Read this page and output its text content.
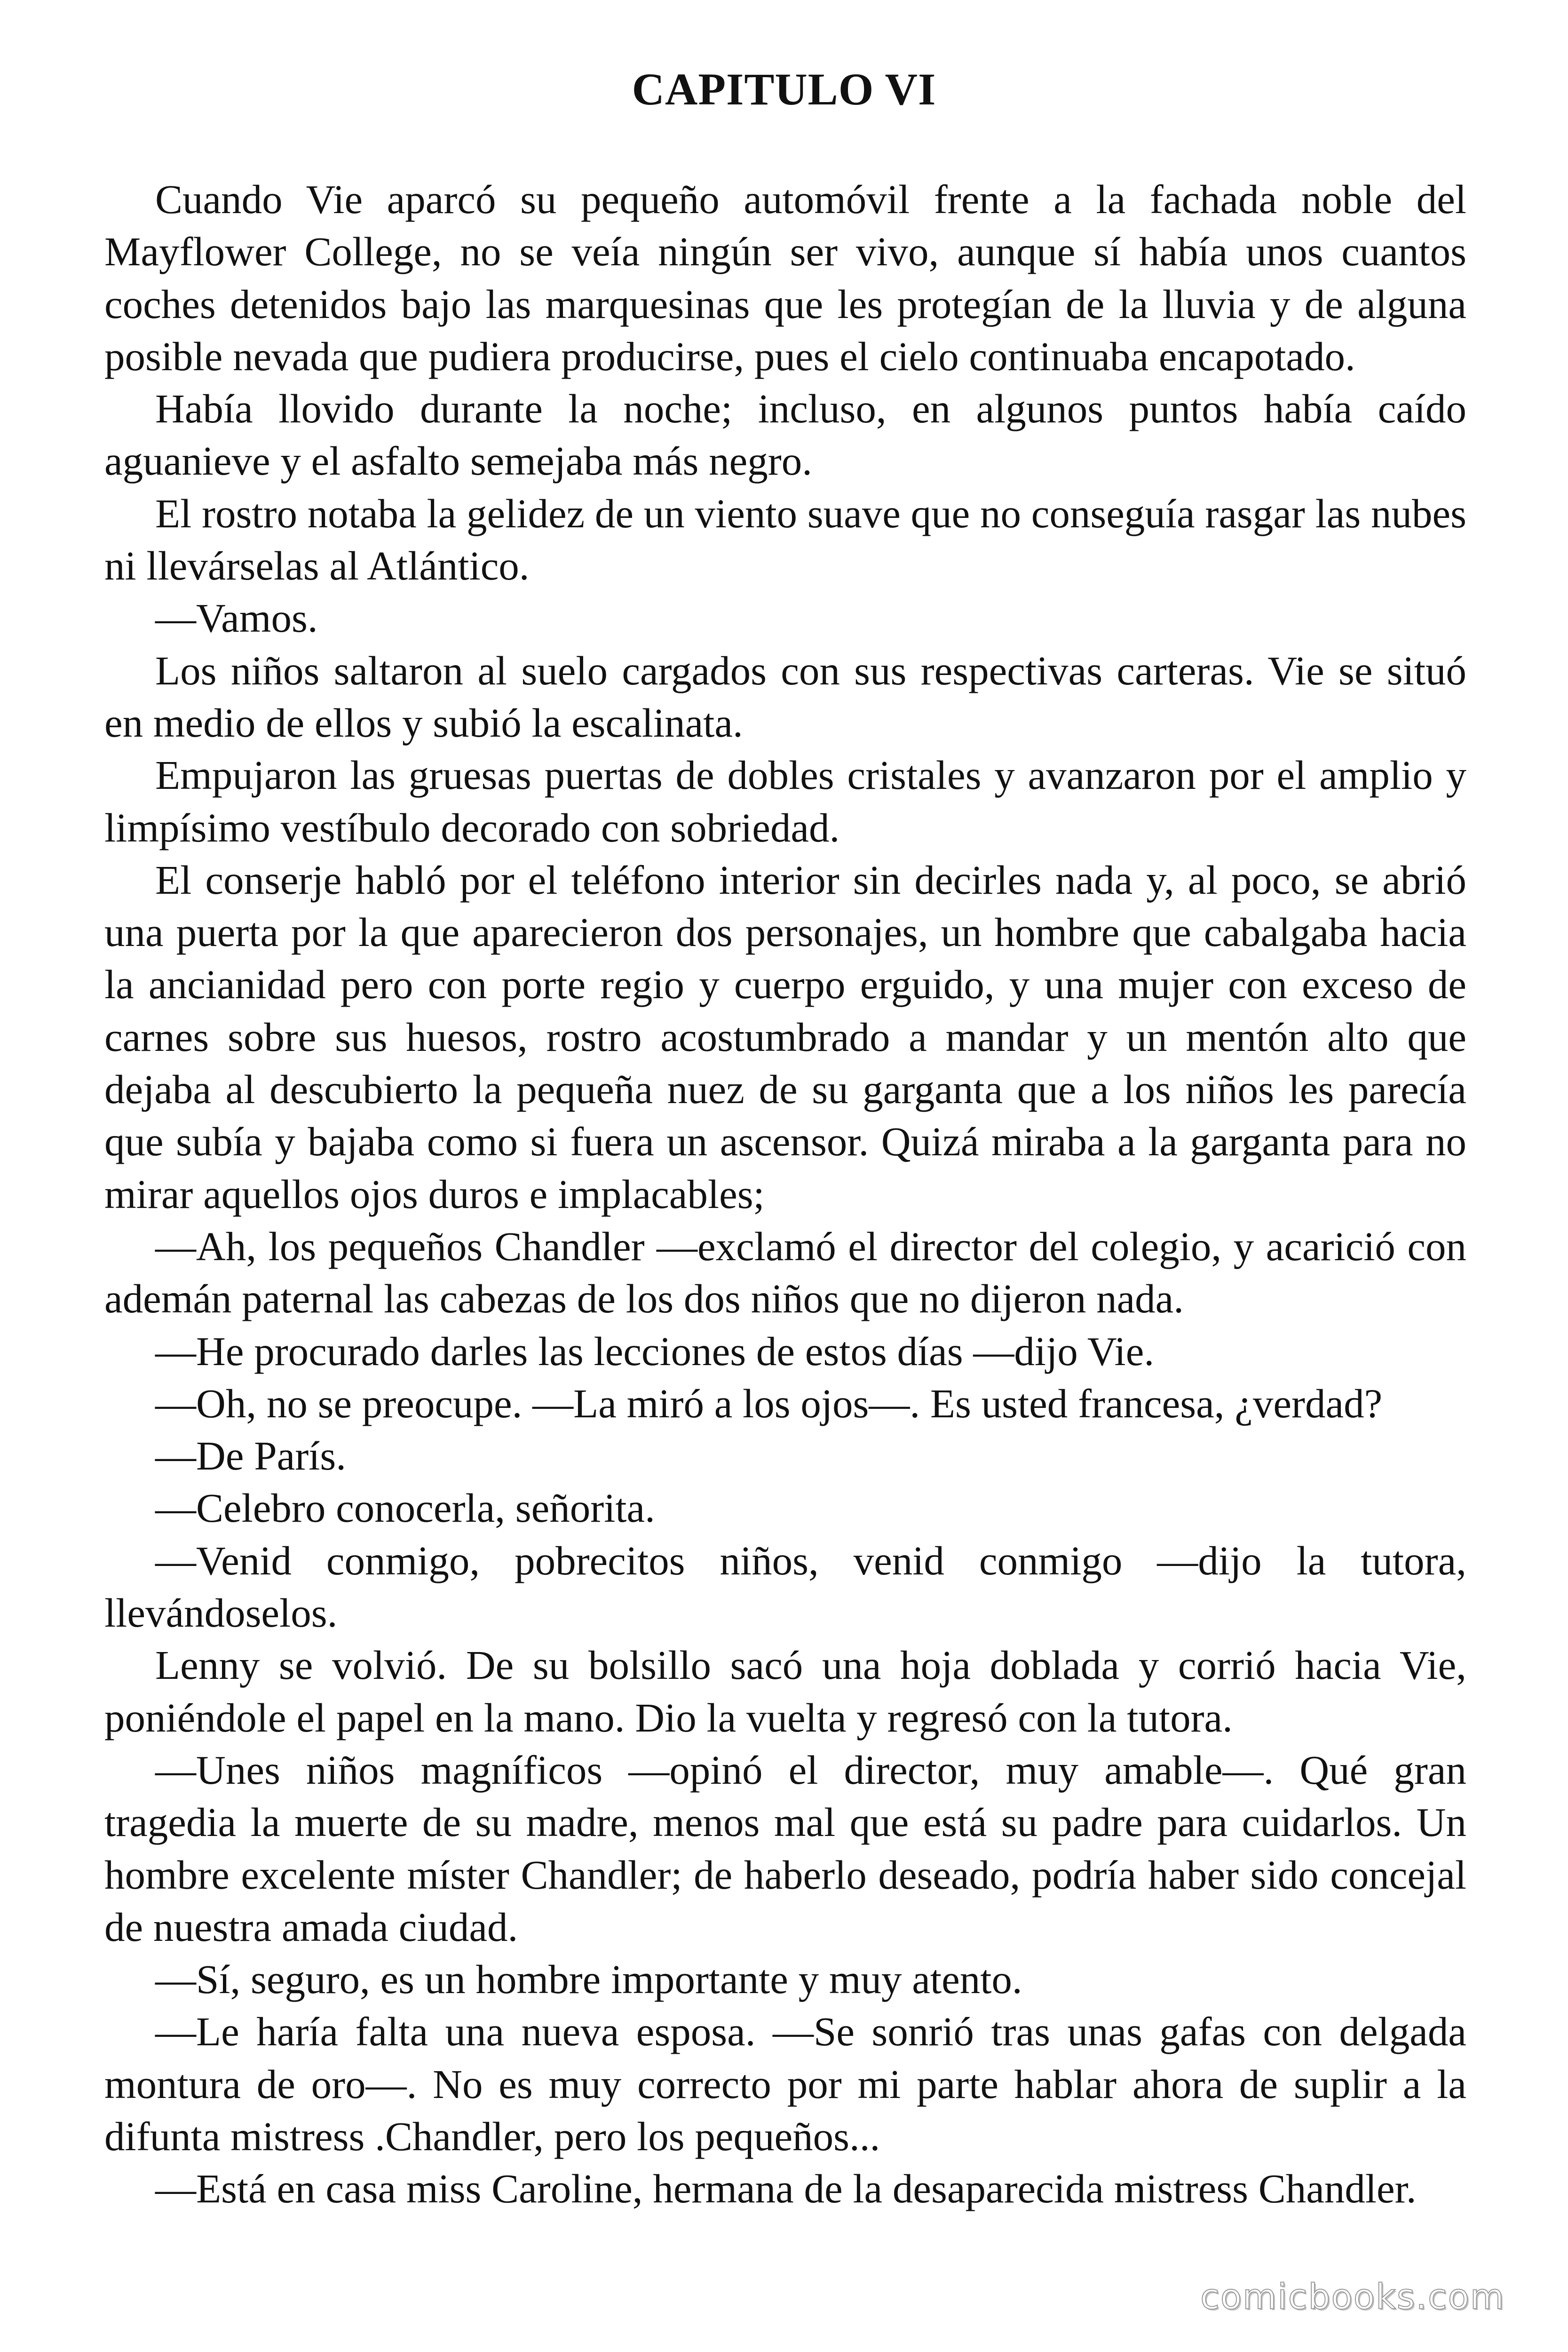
CAPITULO VI

Cuando Vie aparcó su pequeño automóvil frente a la fachada noble del Mayflower College, no se veía ningún ser vivo, aunque sí había unos cuantos coches detenidos bajo las marquesinas que les protegían de la lluvia y de alguna posible nevada que pudiera producirse, pues el cielo continuaba encapotado.

Había llovido durante la noche; incluso, en algunos puntos había caído aguanieve y el asfalto semejaba más negro.

El rostro notaba la gelidez de un viento suave que no conseguía rasgar las nubes ni llevárselas al Atlántico.

—Vamos.

Los niños saltaron al suelo cargados con sus respectivas carteras. Vie se situó en medio de ellos y subió la escalinata.

Empujaron las gruesas puertas de dobles cristales y avanzaron por el amplio y limpísimo vestíbulo decorado con sobriedad.

El conserje habló por el teléfono interior sin decirles nada y, al poco, se abrió una puerta por la que aparecieron dos personajes, un hombre que cabalgaba hacia la ancianidad pero con porte regio y cuerpo erguido, y una mujer con exceso de carnes sobre sus huesos, rostro acostumbrado a mandar y un mentón alto que dejaba al descubierto la pequeña nuez de su garganta que a los niños les parecía que subía y bajaba como si fuera un ascensor. Quizá miraba a la garganta para no mirar aquellos ojos duros e implacables;

—Ah, los pequeños Chandler —exclamó el director del colegio, y acarició con ademán paternal las cabezas de los dos niños que no dijeron nada.

—He procurado darles las lecciones de estos días —dijo Vie.

—Oh, no se preocupe. —La miró a los ojos—. Es usted francesa, ¿verdad?

—De París.

—Celebro conocerla, señorita.

—Venid conmigo, pobrecitos niños, venid conmigo —dijo la tutora, llevándoselos.

Lenny se volvió. De su bolsillo sacó una hoja doblada y corrió hacia Vie, poniéndole el papel en la mano. Dio la vuelta y regresó con la tutora.

—Unes niños magníficos —opinó el director, muy amable—. Qué gran tragedia la muerte de su madre, menos mal que está su padre para cuidarlos. Un hombre excelente míster Chandler; de haberlo deseado, podría haber sido concejal de nuestra amada ciudad.

—Sí, seguro, es un hombre importante y muy atento.

—Le haría falta una nueva esposa. —Se sonrió tras unas gafas con delgada montura de oro—. No es muy correcto por mi parte hablar ahora de suplir a la difunta mistress .Chandler, pero los pequeños...

—Está en casa miss Caroline, hermana de la desaparecida mistress Chandler.

comicbooks.com
